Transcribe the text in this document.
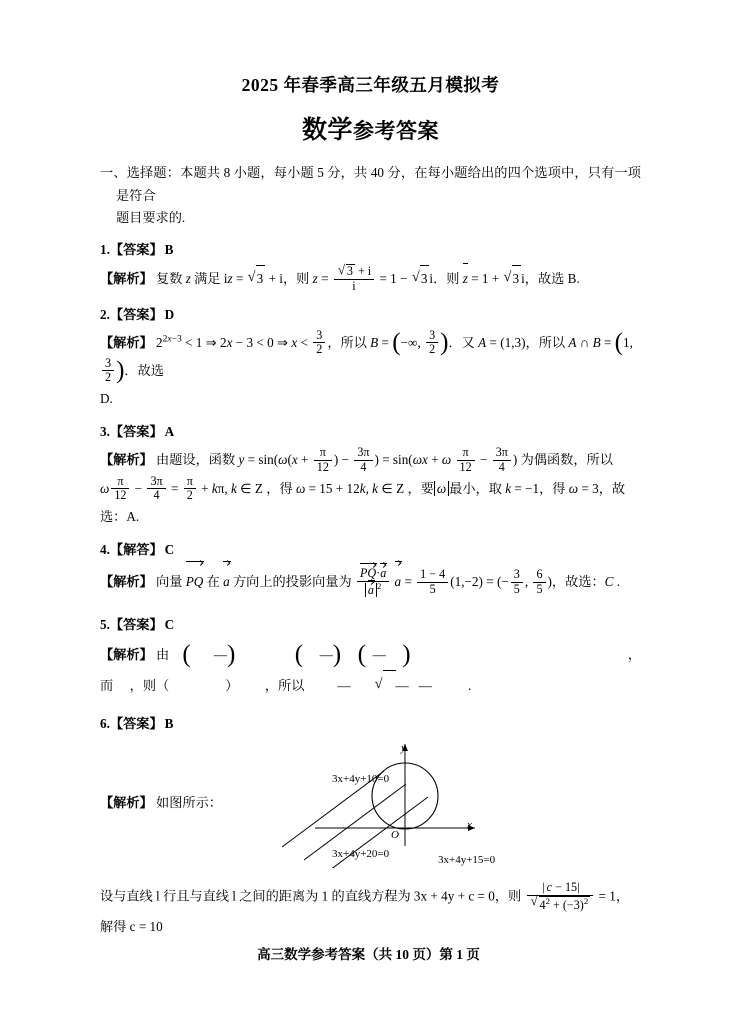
2025 年春季高三年级五月模拟考
数学参考答案
一、选择题：本题共 8 小题，每小题 5 分，共 40 分，在每小题给出的四个选项中，只有一项是符合
题目要求的.
1.【答案】 B
【解析】 复数 z 满足 iz = √ 3 + i，则 z = √ $\frac{3 + i}{i} = 1$ − √ 3 i．则 z = 1 + √ 3 i，故选 B.
2.【答案】 D
【解析】 $2^{2x-3} < 1$ ⇒ 2x − 3 < 0 ⇒ $x < \frac{3}{2}$ ，所以 B = (−∞, $\frac{3}{2}$ )．又 A = (1,3)，所以 A ∩ B = (1,
$\frac{3}{2}$ )．故选
D.
3.【答案】 A
【解析】 由题设，函数 $y = \sin(\omega(x + \frac{\pi}{12}$ ) − $\frac{3\pi}{4}$ ) = sin(ωx + ω $\frac{\pi}{12} - \frac{3\pi}{4}$ ) 为偶函数，所以
ω $\frac{\pi}{12} - \frac{3\pi}{4} = \frac{\pi}{2} + k\pi$, k ∈ Z ，得 ω = 15 + 12k, k ∈ Z ，要 ω 最小，取 k = −1，得 ω = 3，故选：A.
4.【解答】 C
【解析】 向量 PQ 在 a 方向上的投影向量为 $\frac{PQ\cdot a}{a ^2}$ $a = \frac{1 - 4}{5} (1,-2)$ = (− $\frac{3}{5}$ , $\frac{6}{5}$ )，故选：C .
5.【答案】 C
【解析】 由 (       —) (     —) (  —     )	，

而 ，则（	） ，所以          —       √    —   —           .
6.【答案】 B
【解析】 如图所示：
3x+4y+10=0
3x+4y+20=0	3x+4y+15=0
y
x
O
设与直线 l 行且与直线 l 之间的距离为 1 的直线方程为 3x + 4y + c = 0，则 | c − 15|
√ $4^2 + (-3)^2 = 1$，解得 c = 10
高三数学参考答案（共 10 页）第 1 页
